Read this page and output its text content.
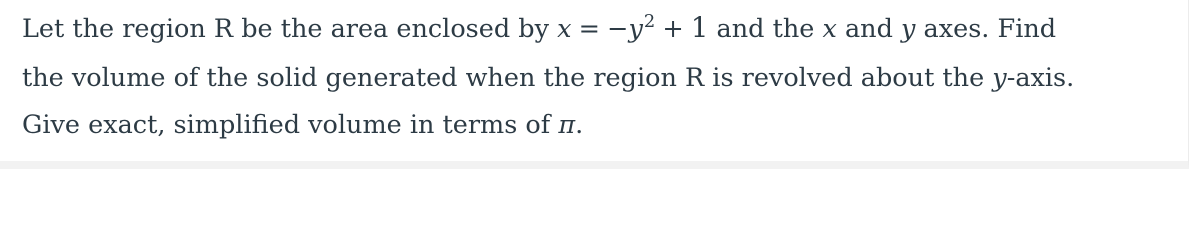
Let the region R be the area enclosed by $x = -y^2 + 1$ and the x and y axes. Find
the volume of the solid generated when the region R is revolved about the y-axis.
Give exact, simplified volume in terms of π.
